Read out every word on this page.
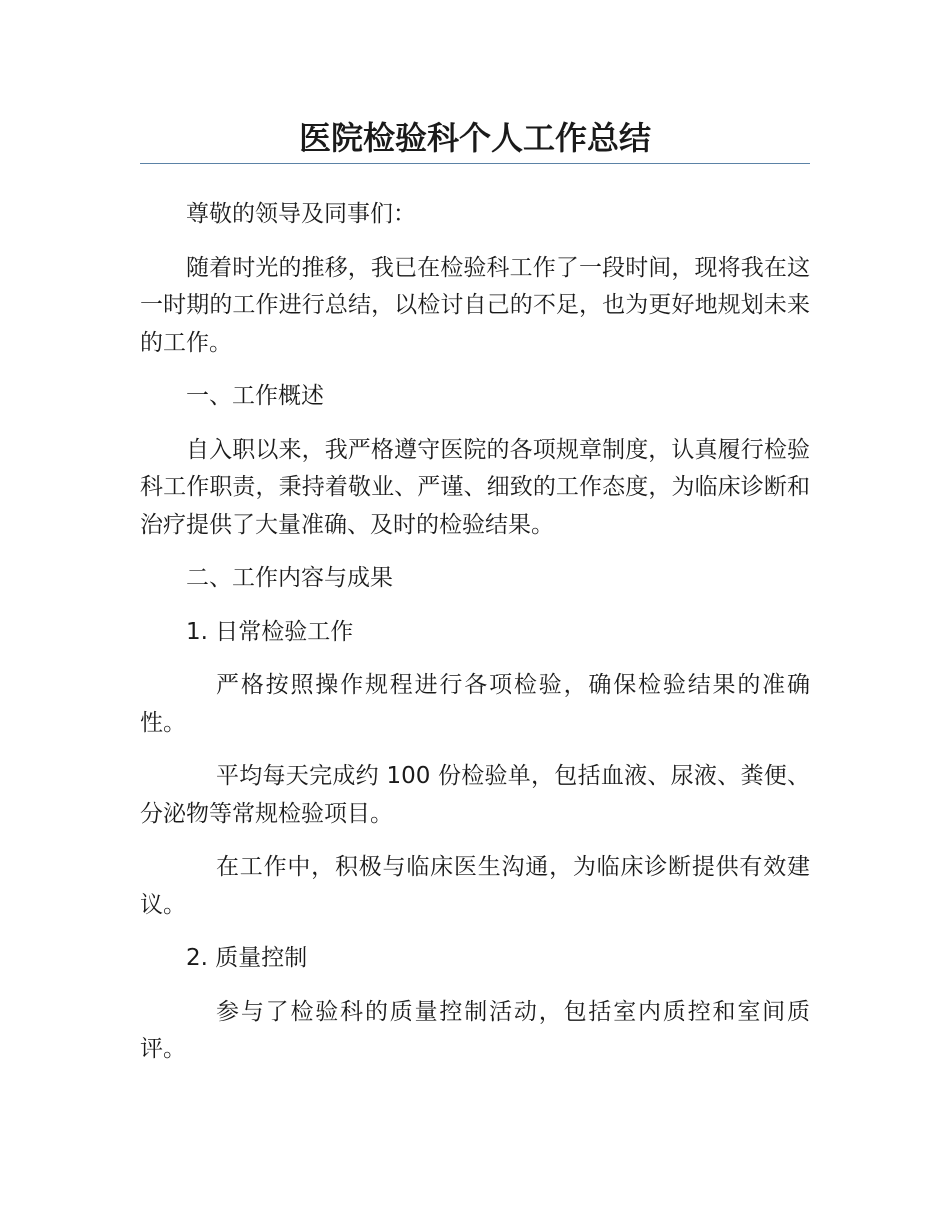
医院检验科个人工作总结

尊敬的领导及同事们：

随着时光的推移，我已在检验科工作了一段时间，现将我在这一时期的工作进行总结，以检讨自己的不足，也为更好地规划未来的工作。

一、工作概述

自入职以来，我严格遵守医院的各项规章制度，认真履行检验科工作职责，秉持着敬业、严谨、细致的工作态度，为临床诊断和治疗提供了大量准确、及时的检验结果。

二、工作内容与成果

1. 日常检验工作

严格按照操作规程进行各项检验，确保检验结果的准确性。

平均每天完成约 100 份检验单，包括血液、尿液、粪便、分泌物等常规检验项目。

在工作中，积极与临床医生沟通，为临床诊断提供有效建议。

2. 质量控制

参与了检验科的质量控制活动，包括室内质控和室间质评。
